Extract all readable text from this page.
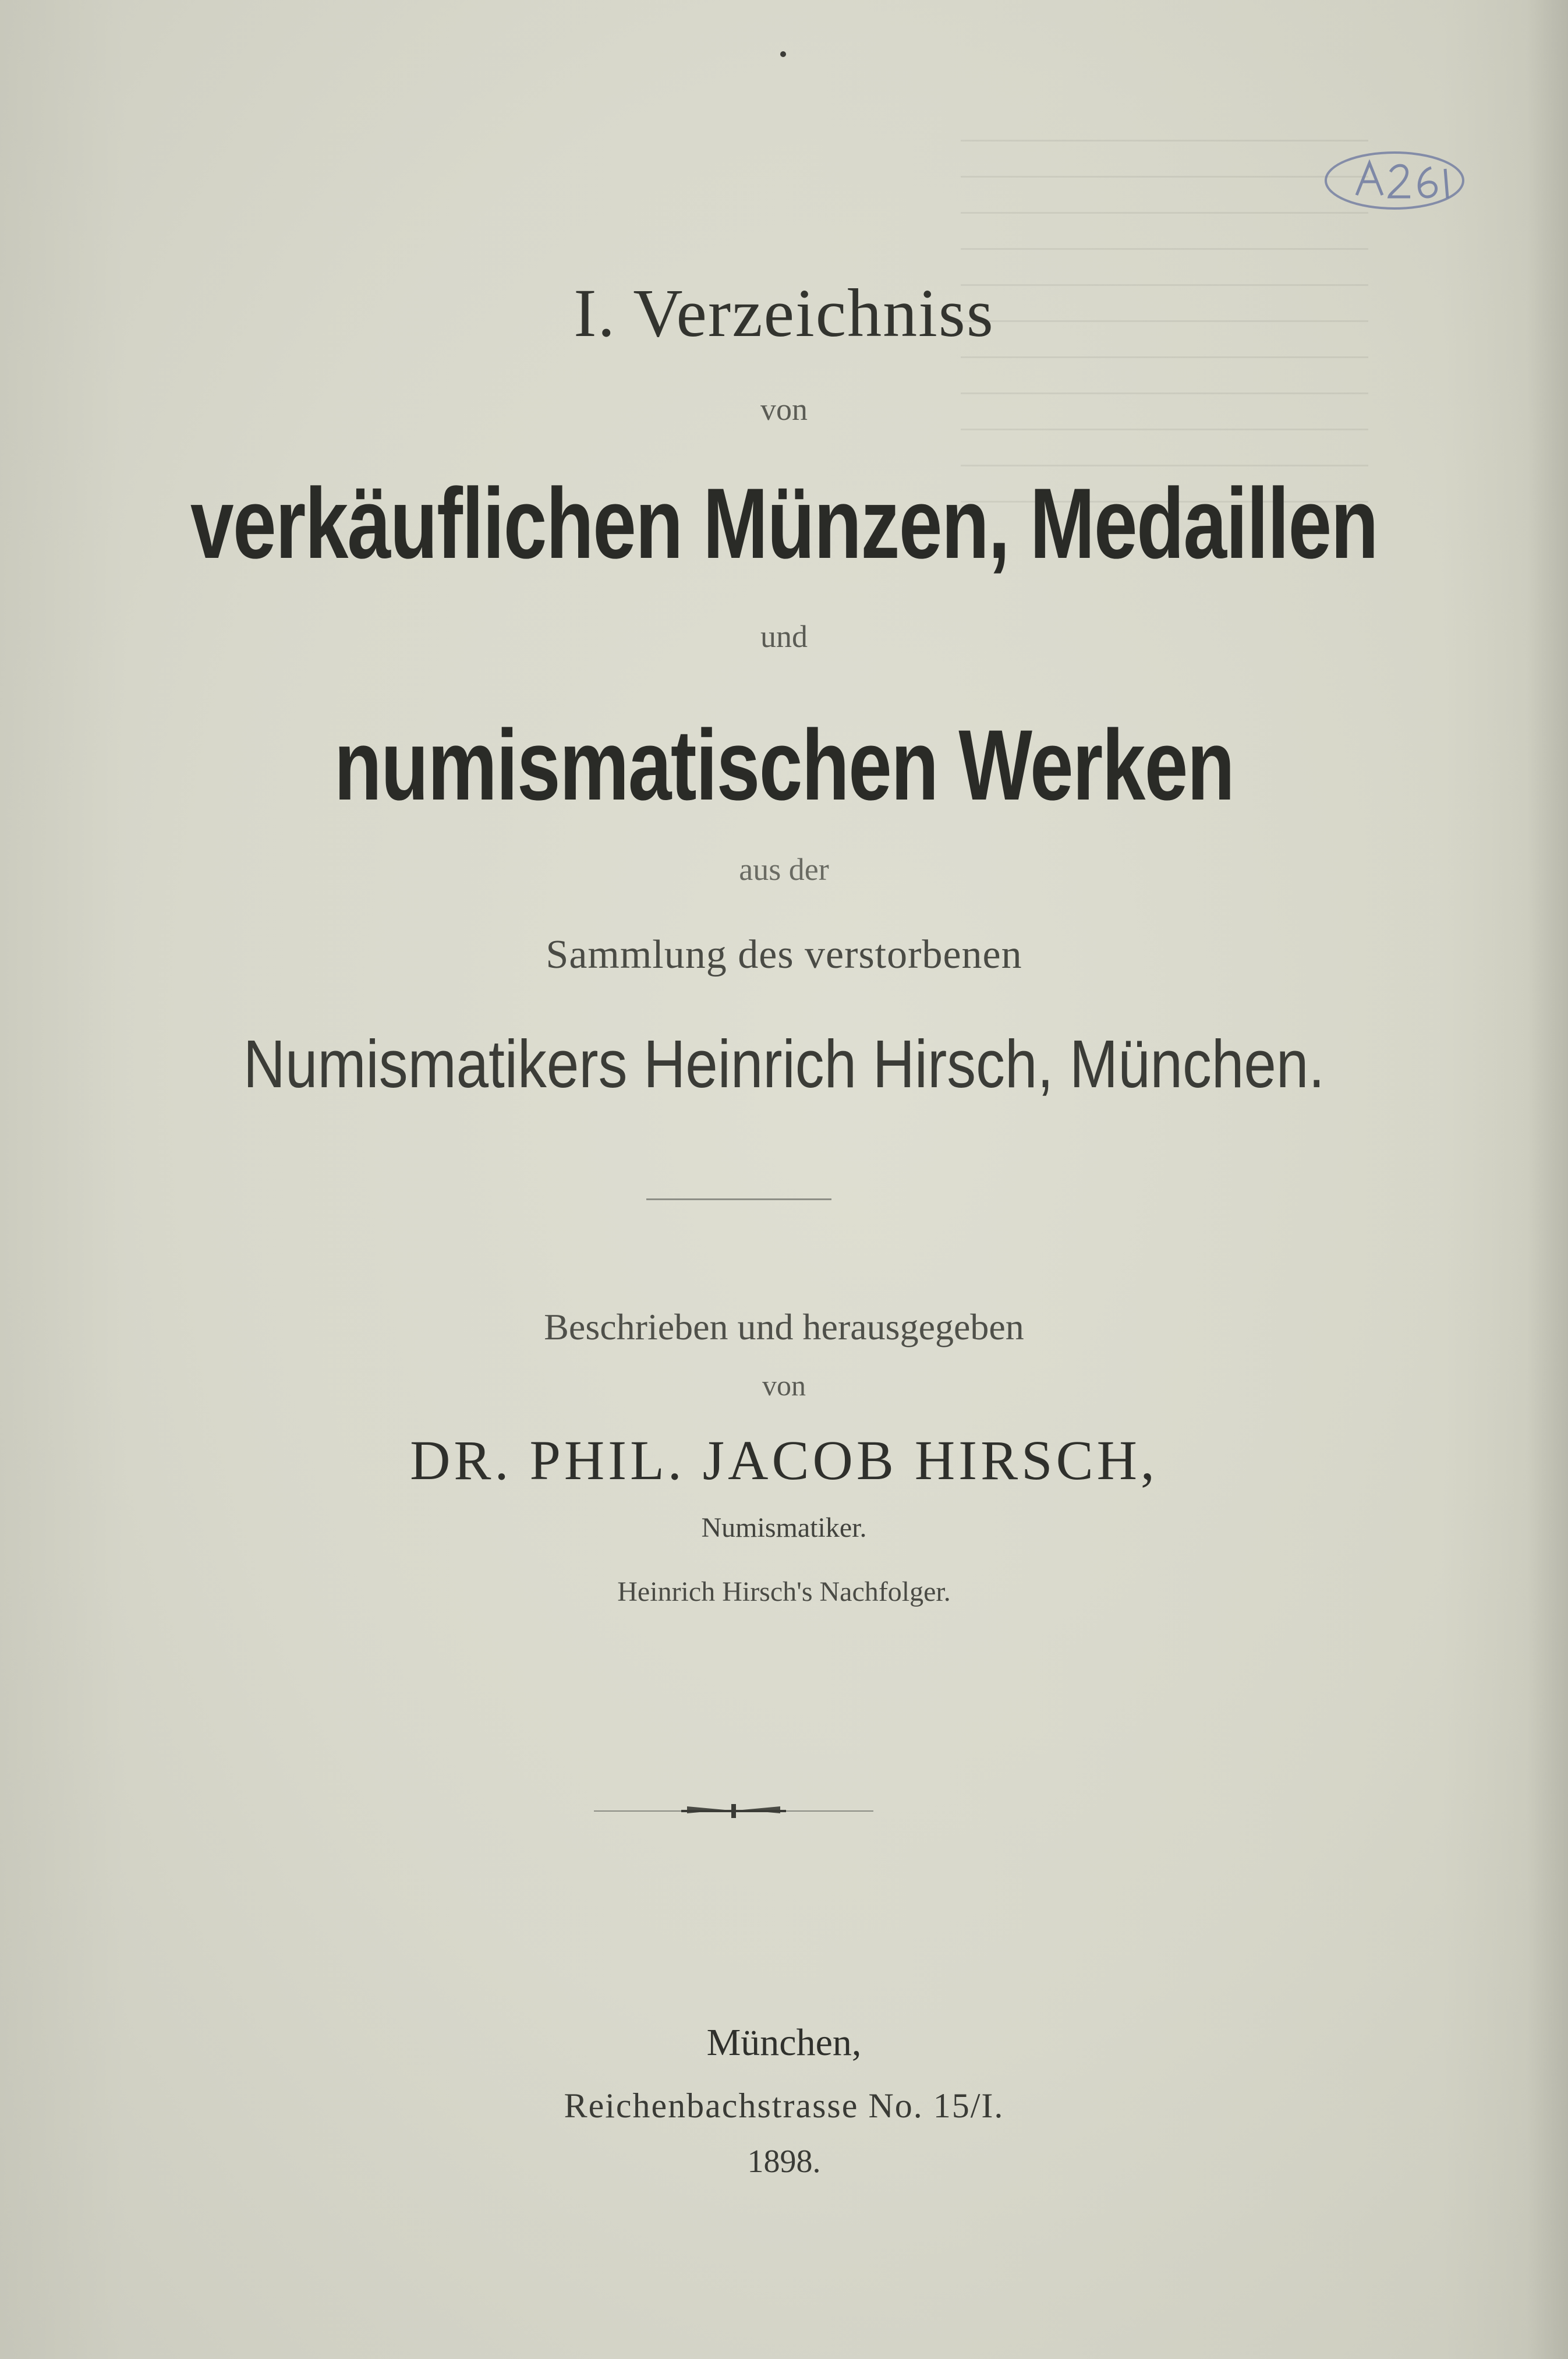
I. Verzeichniss
von
verkäuflichen Münzen, Medaillen
und
numismatischen Werken
aus der
Sammlung des verstorbenen
Numismatikers Heinrich Hirsch, München.
Beschrieben und herausgegeben
von
DR. PHIL. JACOB HIRSCH,
Numismatiker.
Heinrich Hirsch's Nachfolger.
München,
Reichenbachstrasse No. 15/I.
1898.
